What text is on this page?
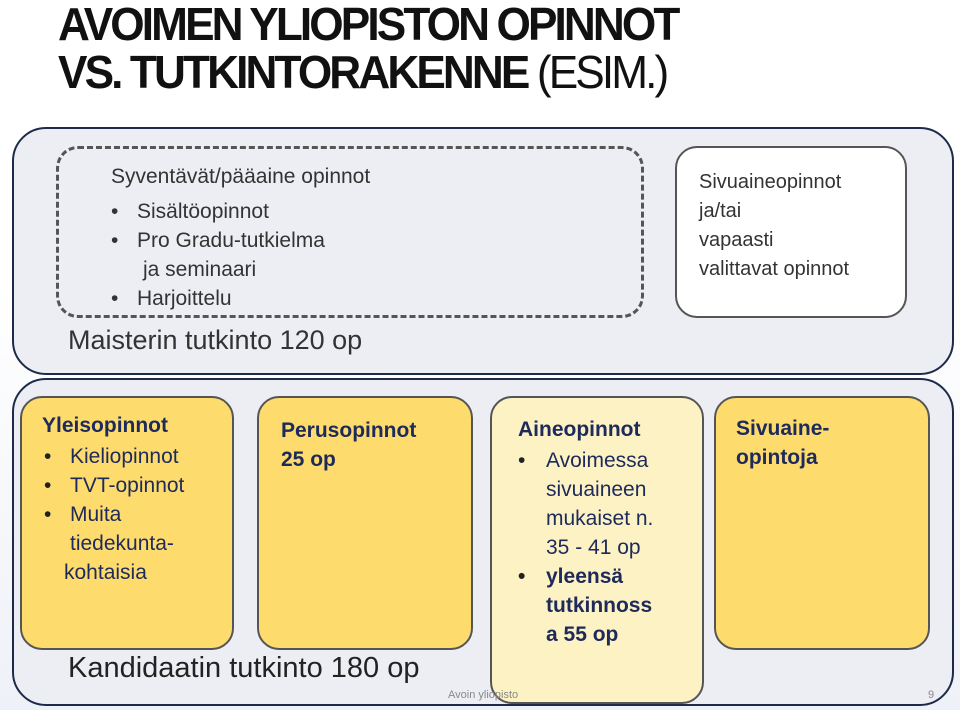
AVOIMEN YLIOPISTON OPINNOT
VS. TUTKINTORAKENNE (ESIM.)
Syventävät/pääaine opinnot
• Sisältöopinnot
• Pro Gradu-tutkielma
ja seminaari
• Harjoittelu
Maisterin tutkinto 120 op
Sivuaineopinnot
ja/tai
vapaasti
valittavat opinnot
Yleisopinnot
• Kieliopinnot
• TVT-opinnot
• Muita
tiedekunta-
kohtaisia
Perusopinnot
25 op
Aineopinnot
• Avoimessa
sivuaineen
mukaiset n.
35 - 41 op
• yleensä
tutkinnoss
a 55 op
Sivuaine-
opintoja
Kandidaatin tutkinto 180 op
Avoin yliopisto	9
